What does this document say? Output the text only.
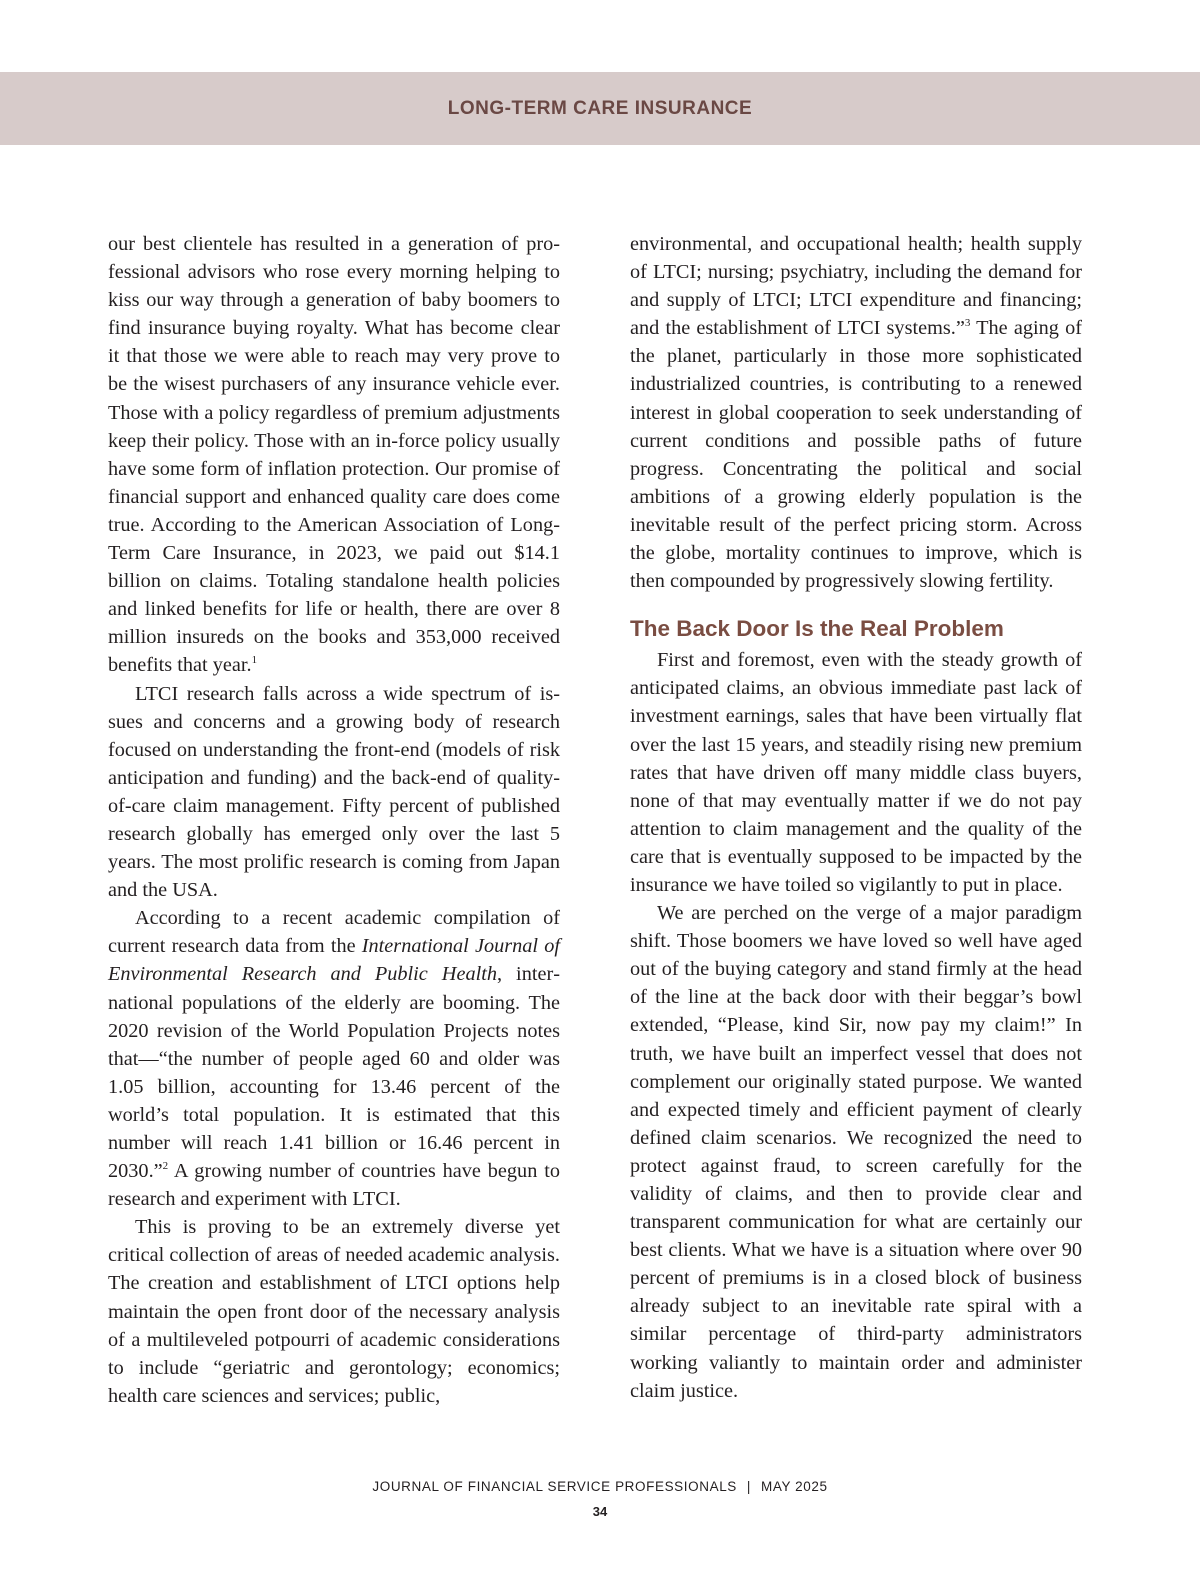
LONG-TERM CARE INSURANCE

our best clientele has resulted in a generation of professional advisors who rose every morning helping to kiss our way through a generation of baby boomers to find insurance buying royalty. What has become clear it that those we were able to reach may very prove to be the wisest purchasers of any insurance vehicle ever. Those with a policy regardless of premium adjustments keep their policy. Those with an in-force policy usually have some form of inflation protection. Our promise of financial support and enhanced quality care does come true. According to the American Association of Long-Term Care Insurance, in 2023, we paid out $14.1 billion on claims. Totaling standalone health policies and linked benefits for life or health, there are over 8 million insureds on the books and 353,000 received benefits that year.$^1$

LTCI research falls across a wide spectrum of issues and concerns and a growing body of research focused on understanding the front-end (models of risk anticipation and funding) and the back-end of quality-of-care claim management. Fifty percent of published research globally has emerged only over the last 5 years. The most prolific research is coming from Japan and the USA.

According to a recent academic compilation of current research data from the International Journal of Environmental Research and Public Health, international populations of the elderly are booming. The 2020 revision of the World Population Projects notes that—“the number of people aged 60 and older was 1.05 billion, accounting for 13.46 percent of the world’s total population. It is estimated that this number will reach 1.41 billion or 16.46 percent in 2030.”$^2$ A growing number of countries have begun to research and experiment with LTCI.

This is proving to be an extremely diverse yet critical collection of areas of needed academic analysis. The creation and establishment of LTCI options help maintain the open front door of the necessary analysis of a multileveled potpourri of academic considerations to include “geriatric and gerontology; economics; health care sciences and services; public,

environmental, and occupational health; health supply of LTCI; nursing; psychiatry, including the demand for and supply of LTCI; LTCI expenditure and financing; and the establishment of LTCI systems.”$^3$ The aging of the planet, particularly in those more sophisticated industrialized countries, is contributing to a renewed interest in global cooperation to seek understanding of current conditions and possible paths of future progress. Concentrating the political and social ambitions of a growing elderly population is the inevitable result of the perfect pricing storm. Across the globe, mortality continues to improve, which is then compounded by progressively slowing fertility.

The Back Door Is the Real Problem

First and foremost, even with the steady growth of anticipated claims, an obvious immediate past lack of investment earnings, sales that have been virtually flat over the last 15 years, and steadily rising new premium rates that have driven off many middle class buyers, none of that may eventually matter if we do not pay attention to claim management and the quality of the care that is eventually supposed to be impacted by the insurance we have toiled so vigilantly to put in place.

We are perched on the verge of a major paradigm shift. Those boomers we have loved so well have aged out of the buying category and stand firmly at the head of the line at the back door with their beggar’s bowl extended, “Please, kind Sir, now pay my claim!” In truth, we have built an imperfect vessel that does not complement our originally stated purpose. We wanted and expected timely and efficient payment of clearly defined claim scenarios. We recognized the need to protect against fraud, to screen carefully for the validity of claims, and then to provide clear and transparent communication for what are certainly our best clients. What we have is a situation where over 90 percent of premiums is in a closed block of business already subject to an inevitable rate spiral with a similar percentage of third-party administrators working valiantly to maintain order and administer claim justice.

JOURNAL OF FINANCIAL SERVICE PROFESSIONALS | MAY 2025
34
